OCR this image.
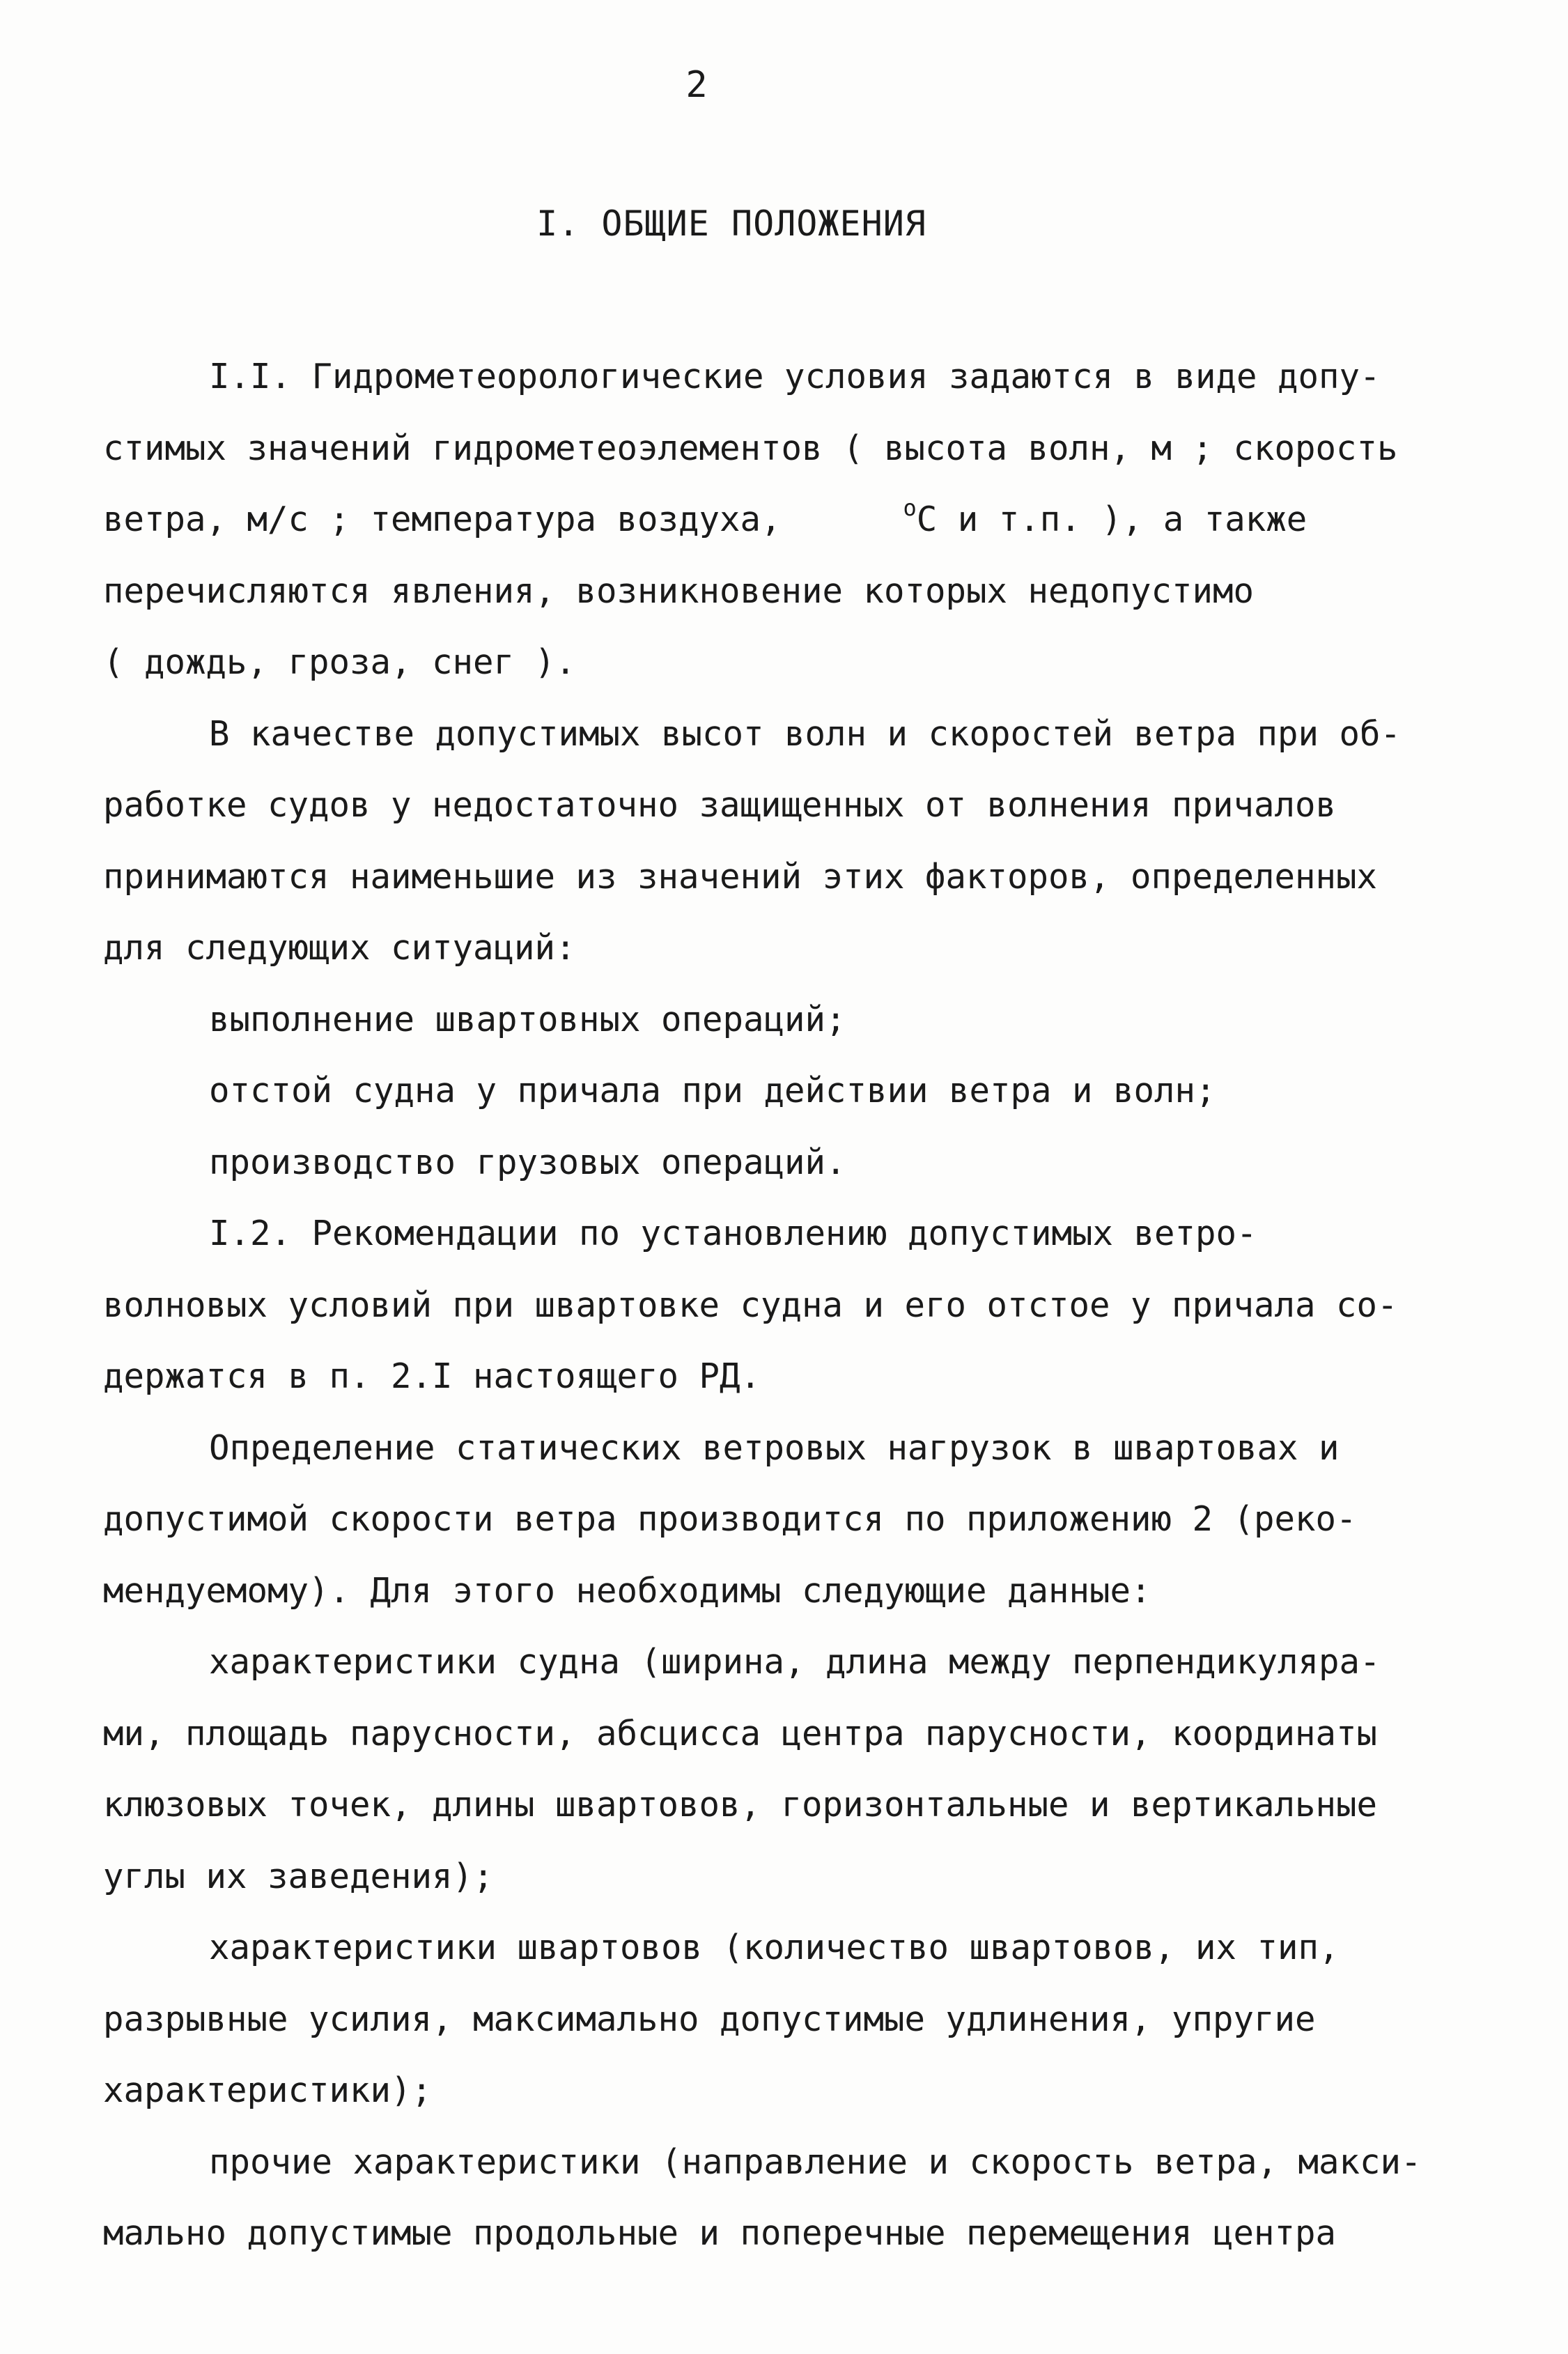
2
I. ОБЩИЕ ПОЛОЖЕНИЯ
I.I. Гидрометеорологические условия задаются в виде допу-
стимых значений гидрометеоэлементов ( высота волн, м ; скорость
ветра, м/с ; температура воздуха,	$^o$С и т.п. ), а также
перечисляются явления, возникновение которых недопустимо
( дождь, гроза, снег ).
В качестве допустимых высот волн и скоростей ветра при об-
работке судов у недостаточно защищенных от волнения причалов
принимаются наименьшие из значений этих факторов, определенных
для следующих ситуаций:
выполнение швартовных операций;
отстой судна у причала при действии ветра и волн;
производство грузовых операций.
I.2. Рекомендации по установлению допустимых ветро-
волновых условий при швартовке судна и его отстое у причала со-
держатся в п. 2.I настоящего РД.
Определение статических ветровых нагрузок в швартовах и
допустимой скорости ветра производится по приложению 2 (реко-
мендуемому). Для этого необходимы следующие данные:
характеристики судна (ширина, длина между перпендикуляра-
ми, площадь парусности, абсцисса центра парусности, координаты
клюзовых точек, длины швартовов, горизонтальные и вертикальные
углы их заведения);
характеристики швартовов (количество швартовов, их тип,
разрывные усилия, максимально допустимые удлинения, упругие
характеристики);
прочие характеристики (направление и скорость ветра, макси-
мально допустимые продольные и поперечные перемещения центра
